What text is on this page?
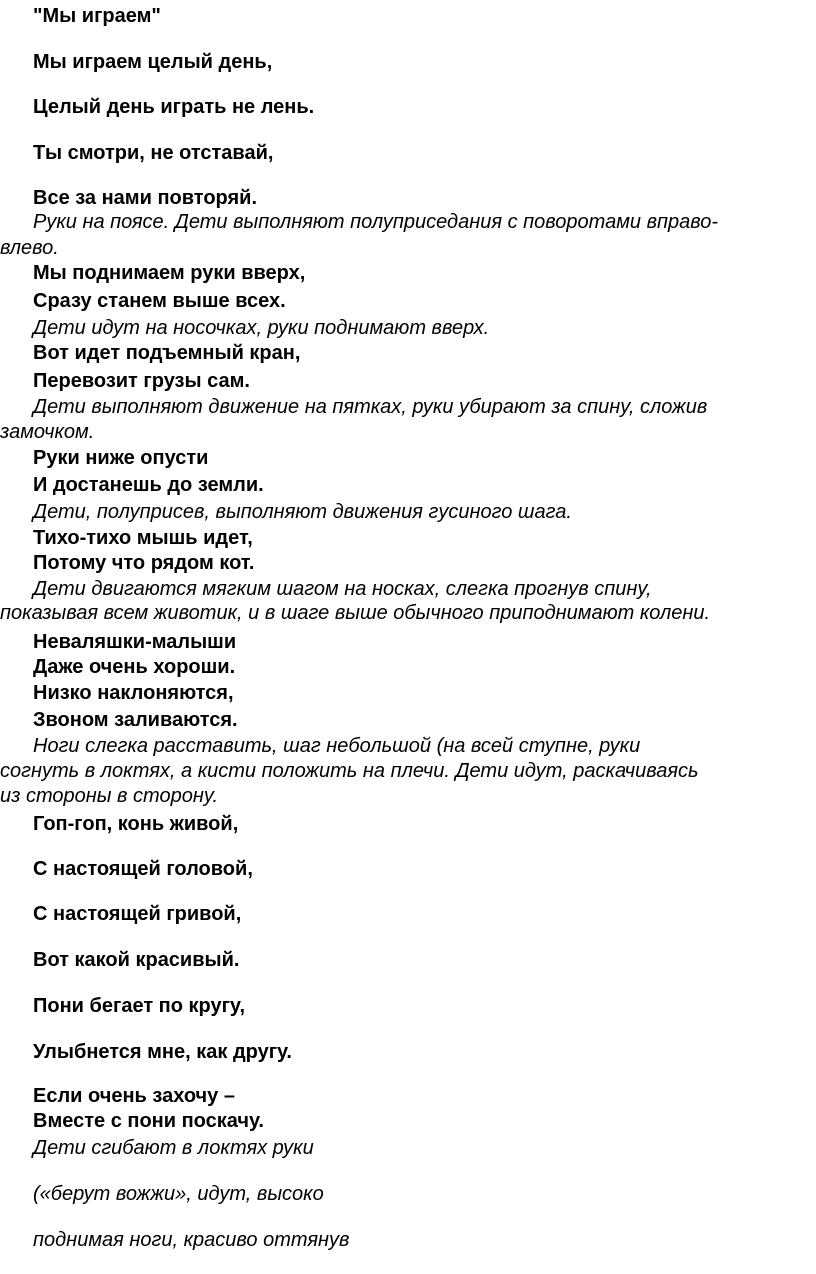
"Мы играем"
Мы играем целый день,
Целый день играть не лень.
Ты смотри, не отставай,
Все за нами повторяй.
Руки на поясе. Дети выполняют полуприседания с поворотами вправо-
влево.
Мы поднимаем руки вверх,
Сразу станем выше всех.
Дети идут на носочках, руки поднимают вверх.
Вот идет подъемный кран,
Перевозит грузы сам.
Дети выполняют движение на пятках, руки убирают за спину, сложив
замочком.
Руки ниже опусти
И достанешь до земли.
Дети, полуприсев, выполняют движения гусиного шага.
Тихо-тихо мышь идет,
Потому что рядом кот.
Дети двигаются мягким шагом на носках, слегка прогнув спину,
показывая всем животик, и в шаге выше обычного приподнимают колени.
Неваляшки-малыши
Даже очень хороши.
Низко наклоняются,
Звоном заливаются.
Ноги слегка расставить, шаг небольшой (на всей ступне, руки
согнуть в локтях, а кисти положить на плечи. Дети идут, раскачиваясь
из стороны в сторону.
Гоп-гоп, конь живой,
С настоящей головой,
С настоящей гривой,
Вот какой красивый.
Пони бегает по кругу,
Улыбнется мне, как другу.
Если очень захочу –
Вместе с пони поскачу.
Дети сгибают в локтях руки
(«берут вожжи», идут, высоко
поднимая ноги, красиво оттянув
